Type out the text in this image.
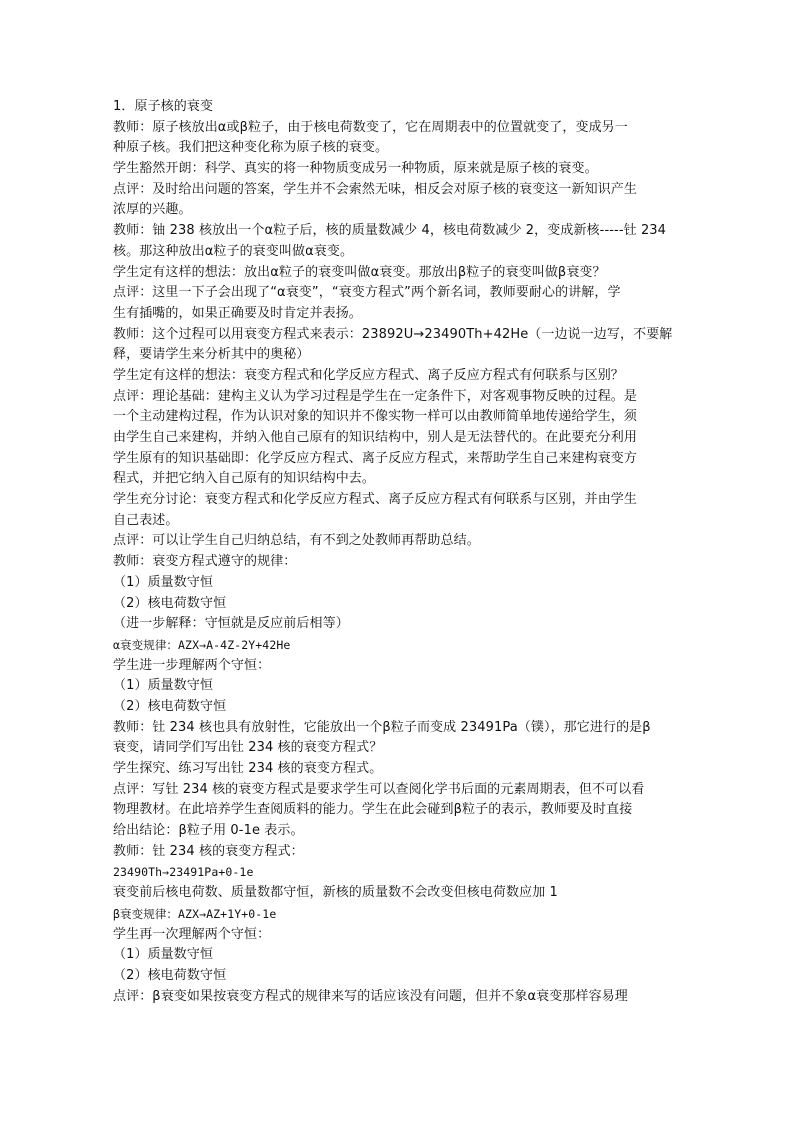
1．原子核的衰变
教师：原子核放出α或β粒子，由于核电荷数变了，它在周期表中的位置就变了，变成另一
种原子核。我们把这种变化称为原子核的衰变。
学生豁然开朗：科学、真实的将一种物质变成另一种物质，原来就是原子核的衰变。
点评：及时给出问题的答案，学生并不会索然无味，相反会对原子核的衰变这一新知识产生
浓厚的兴趣。
教师：铀 238 核放出一个α粒子后，核的质量数减少 4，核电荷数减少 2，变成新核-----钍 234
核。那这种放出α粒子的衰变叫做α衰变。
学生定有这样的想法：放出α粒子的衰变叫做α衰变。那放出β粒子的衰变叫做β衰变？
点评：这里一下子会出现了“α衰变”，“衰变方程式”两个新名词，教师要耐心的讲解，学
生有插嘴的，如果正确要及时肯定并表扬。
教师：这个过程可以用衰变方程式来表示：23892U→23490Th+42He（一边说一边写，不要解
释，要请学生来分析其中的奥秘）
学生定有这样的想法：衰变方程式和化学反应方程式、离子反应方程式有何联系与区别？
点评：理论基础：建构主义认为学习过程是学生在一定条件下，对客观事物反映的过程。是
一个主动建构过程，作为认识对象的知识并不像实物一样可以由教师简单地传递给学生，须
由学生自己来建构，并纳入他自己原有的知识结构中，别人是无法替代的。在此要充分利用
学生原有的知识基础即：化学反应方程式、离子反应方程式，来帮助学生自己来建构衰变方
程式，并把它纳入自己原有的知识结构中去。
学生充分讨论：衰变方程式和化学反应方程式、离子反应方程式有何联系与区别，并由学生
自己表述。
点评：可以让学生自己归纳总结，有不到之处教师再帮助总结。
教师：衰变方程式遵守的规律：
（1）质量数守恒
（2）核电荷数守恒
（进一步解释：守恒就是反应前后相等）
α衰变规律：AZX→A-4Z-2Y+42He
学生进一步理解两个守恒：
（1）质量数守恒
（2）核电荷数守恒
教师：钍 234 核也具有放射性，它能放出一个β粒子而变成 23491Pa（镤），那它进行的是β
衰变，请同学们写出钍 234 核的衰变方程式？
学生探究、练习写出钍 234 核的衰变方程式。
点评：写钍 234 核的衰变方程式是要求学生可以查阅化学书后面的元素周期表，但不可以看
物理教材。在此培养学生查阅质料的能力。学生在此会碰到β粒子的表示，教师要及时直接
给出结论：β粒子用 0-1e 表示。
教师：钍 234 核的衰变方程式：
23490Th→23491Pa+0-1e
衰变前后核电荷数、质量数都守恒，新核的质量数不会改变但核电荷数应加 1
β衰变规律：AZX→AZ+1Y+0-1e
学生再一次理解两个守恒：
（1）质量数守恒
（2）核电荷数守恒
点评：β衰变如果按衰变方程式的规律来写的话应该没有问题，但并不象α衰变那样容易理
